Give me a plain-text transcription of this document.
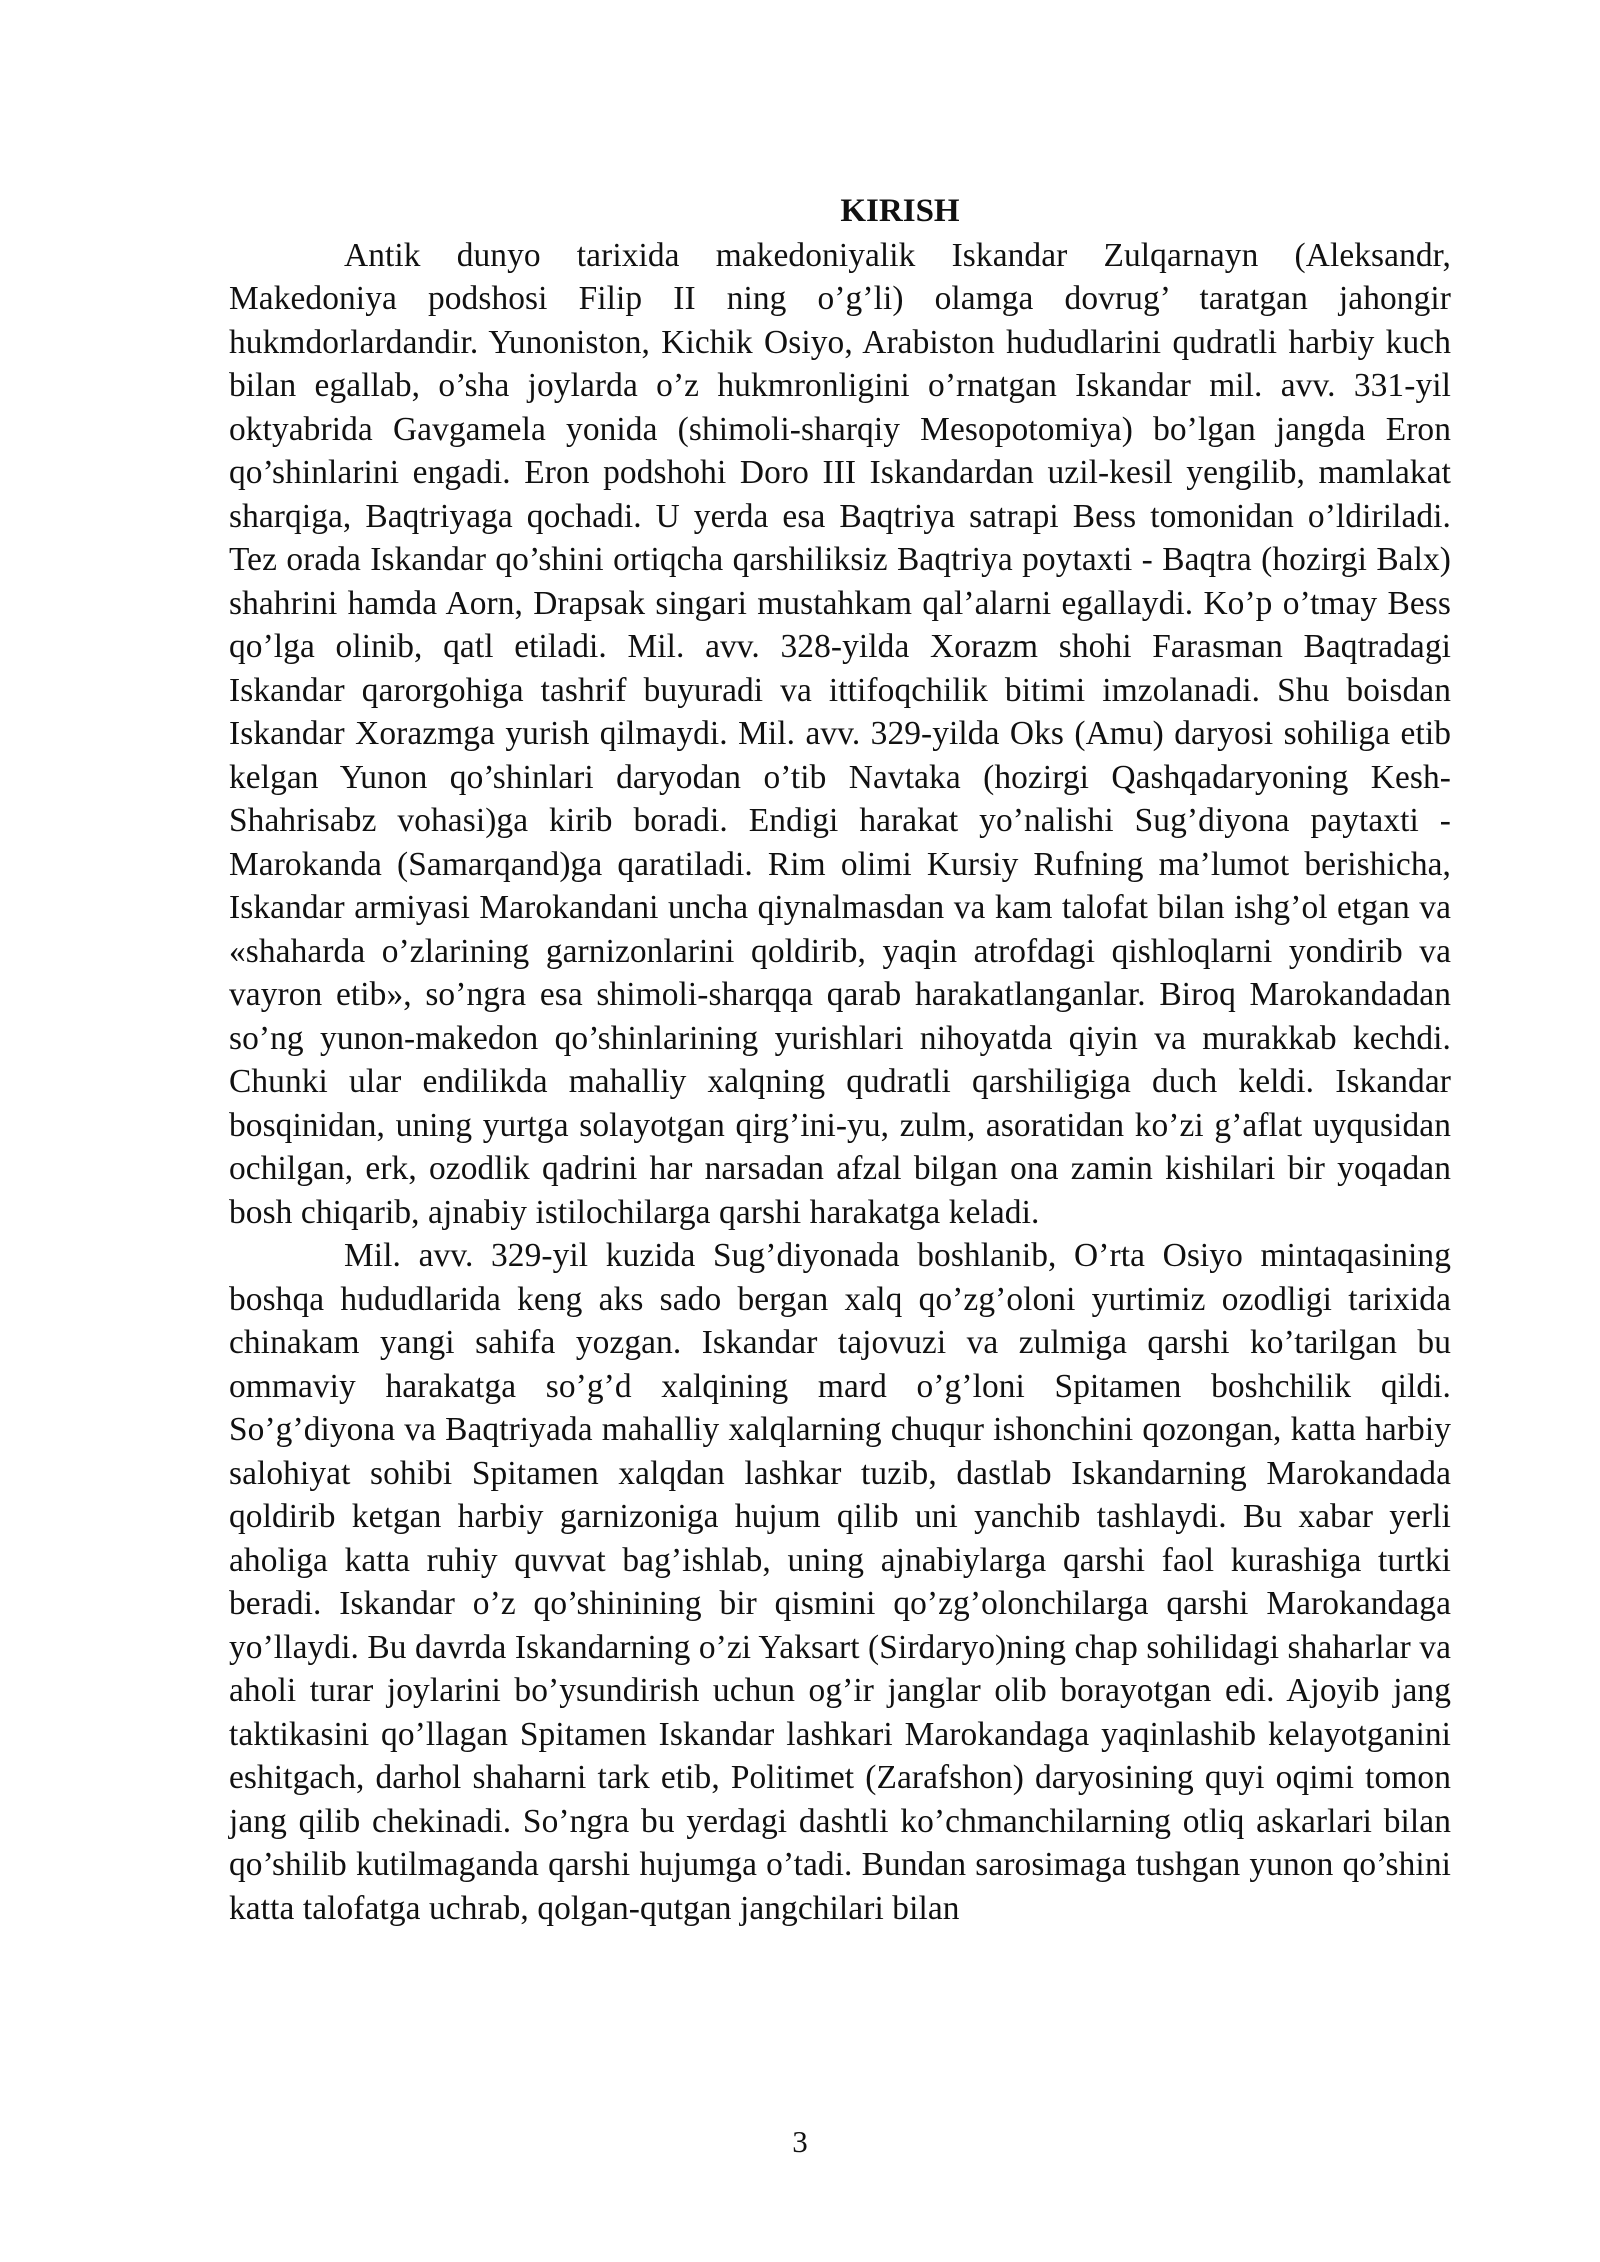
KIRISH

Antik dunyo tarixida makedoniyalik Iskandar Zulqarnayn (Aleksandr, Makedoniya podshosi Filip II ning o’g’li) olamga dovrug’ taratgan jahongir hukmdorlardandir. Yunoniston, Kichik Osiyo, Arabiston hududlarini qudratli harbiy kuch bilan egallab, o’sha joylarda o’z hukmronligini o’rnatgan Iskandar mil. avv. 331-yil oktyabrida Gavgamela yonida (shimoli-sharqiy Mesopotomiya) bo’lgan jangda Eron qo’shinlarini engadi. Eron podshohi Doro III Iskandardan uzil-kesil yengilib, mamlakat sharqiga, Baqtriyaga qochadi. U yerda esa Baqtriya satrapi Bess tomonidan o’ldiriladi. Tez orada Iskandar qo’shini ortiqcha qarshiliksiz Baqtriya poytaxti - Baqtra (hozirgi Balx) shahrini hamda Aorn, Drapsak singari mustahkam qal’alarni egallaydi. Ko’p o’tmay Bess qo’lga olinib, qatl etiladi. Mil. avv. 328-yilda Xorazm shohi Farasman Baqtradagi Iskandar qarorgohiga tashrif buyuradi va ittifoqchilik bitimi imzolanadi. Shu boisdan Iskandar Xorazmga yurish qilmaydi. Mil. avv. 329-yilda Oks (Amu) daryosi sohiliga etib kelgan Yunon qo’shinlari daryodan o’tib Navtaka (hozirgi Qashqadaryoning Kesh-Shahrisabz vohasi)ga kirib boradi. Endigi harakat yo’nalishi Sug’diyona paytaxti - Marokanda (Samarqand)ga qaratiladi. Rim olimi Kursiy Rufning ma’lumot berishicha, Iskandar armiyasi Marokandani uncha qiynalmasdan va kam talofat bilan ishg’ol etgan va «shaharda o’zlarining garnizonlarini qoldirib, yaqin atrofdagi qishloqlarni yondirib va vayron etib», so’ngra esa shimoli-sharqqa qarab harakatlanganlar. Biroq Marokandadan so’ng yunon-makedon qo’shinlarining yurishlari nihoyatda qiyin va murakkab kechdi. Chunki ular endilikda mahalliy xalqning qudratli qarshiligiga duch keldi. Iskandar bosqinidan, uning yurtga solayotgan qirg’ini-yu, zulm, asoratidan ko’zi g’aflat uyqusidan ochilgan, erk, ozodlik qadrini har narsadan afzal bilgan ona zamin kishilari bir yoqadan bosh chiqarib, ajnabiy istilochilarga qarshi harakatga keladi.

Mil. avv. 329-yil kuzida Sug’diyonada boshlanib, O’rta Osiyo mintaqasining boshqa hududlarida keng aks sado bergan xalq qo’zg’oloni yurtimiz ozodligi tarixida chinakam yangi sahifa yozgan. Iskandar tajovuzi va zulmiga qarshi ko’tarilgan bu ommaviy harakatga so’g’d xalqining mard o’g’loni Spitamen boshchilik qildi. So’g’diyona va Baqtriyada mahalliy xalqlarning chuqur ishonchini qozongan, katta harbiy salohiyat sohibi Spitamen xalqdan lashkar tuzib, dastlab Iskandarning Marokandada qoldirib ketgan harbiy garnizoniga hujum qilib uni yanchib tashlaydi. Bu xabar yerli aholiga katta ruhiy quvvat bag’ishlab, uning ajnabiylarga qarshi faol kurashiga turtki beradi. Iskandar o’z qo’shinining bir qismini qo’zg’olonchilarga qarshi Marokandaga yo’llaydi. Bu davrda Iskandarning o’zi Yaksart (Sirdaryo)ning chap sohilidagi shaharlar va aholi turar joylarini bo’ysundirish uchun og’ir janglar olib borayotgan edi. Ajoyib jang taktikasini qo’llagan Spitamen Iskandar lashkari Marokandaga yaqinlashib kelayotganini eshitgach, darhol shaharni tark etib, Politimet (Zarafshon) daryosining quyi oqimi tomon jang qilib chekinadi. So’ngra bu yerdagi dashtli ko’chmanchilarning otliq askarlari bilan qo’shilib kutilmaganda qarshi hujumga o’tadi. Bundan sarosimaga tushgan yunon qo’shini katta talofatga uchrab, qolgan-qutgan jangchilari bilan

3
